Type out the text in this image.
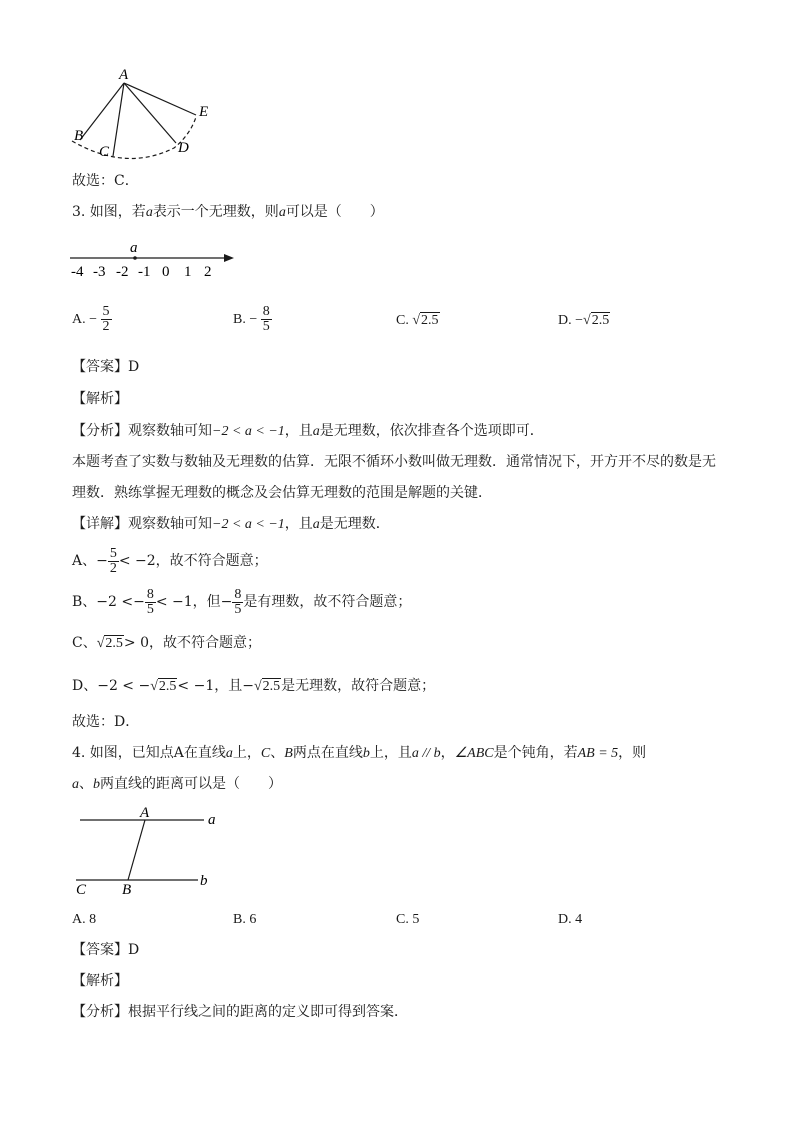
A
B
C	D
E
故选：C．
3. 如图，若a表示一个无理数，则a可以是（　　）
a
-4 -3 -2 -1 0 1 2
A. − $\frac{5}{2}$	B. − $\frac{8}{5}$	C. √2.5	D. −√2.5
【答案】D
【解析】
【分析】观察数轴可知−2 < a < −1，且a是无理数，依次排查各个选项即可．
本题考查了实数与数轴及无理数的估算．无限不循环小数叫做无理数．通常情况下，开方开不尽的数是无
理数．熟练掌握无理数的概念及会估算无理数的范围是解题的关键．
【详解】观察数轴可知−2 < a < −1，且a是无理数．
A、− $\frac{5}{2} < -2$，故不符合题意；
B、$-2 <- \frac{8}{5} < -1$，但− $\frac{8}{5}$ 是有理数，故不符合题意；
C、√2.5> 0，故不符合题意；
D、−2 < −√2.5< −1，且−√2.5是无理数，故符合题意；
故选：D．
4. 如图，已知点A在直线a上，C、B两点在直线b上，且a // b，∠ABC是个钝角，若AB = 5，则
a、b两直线的距离可以是（　　）
A	a
C B
b
A. 8	B. 6	C. 5	D. 4
【答案】D
【解析】
【分析】根据平行线之间的距离的定义即可得到答案．
